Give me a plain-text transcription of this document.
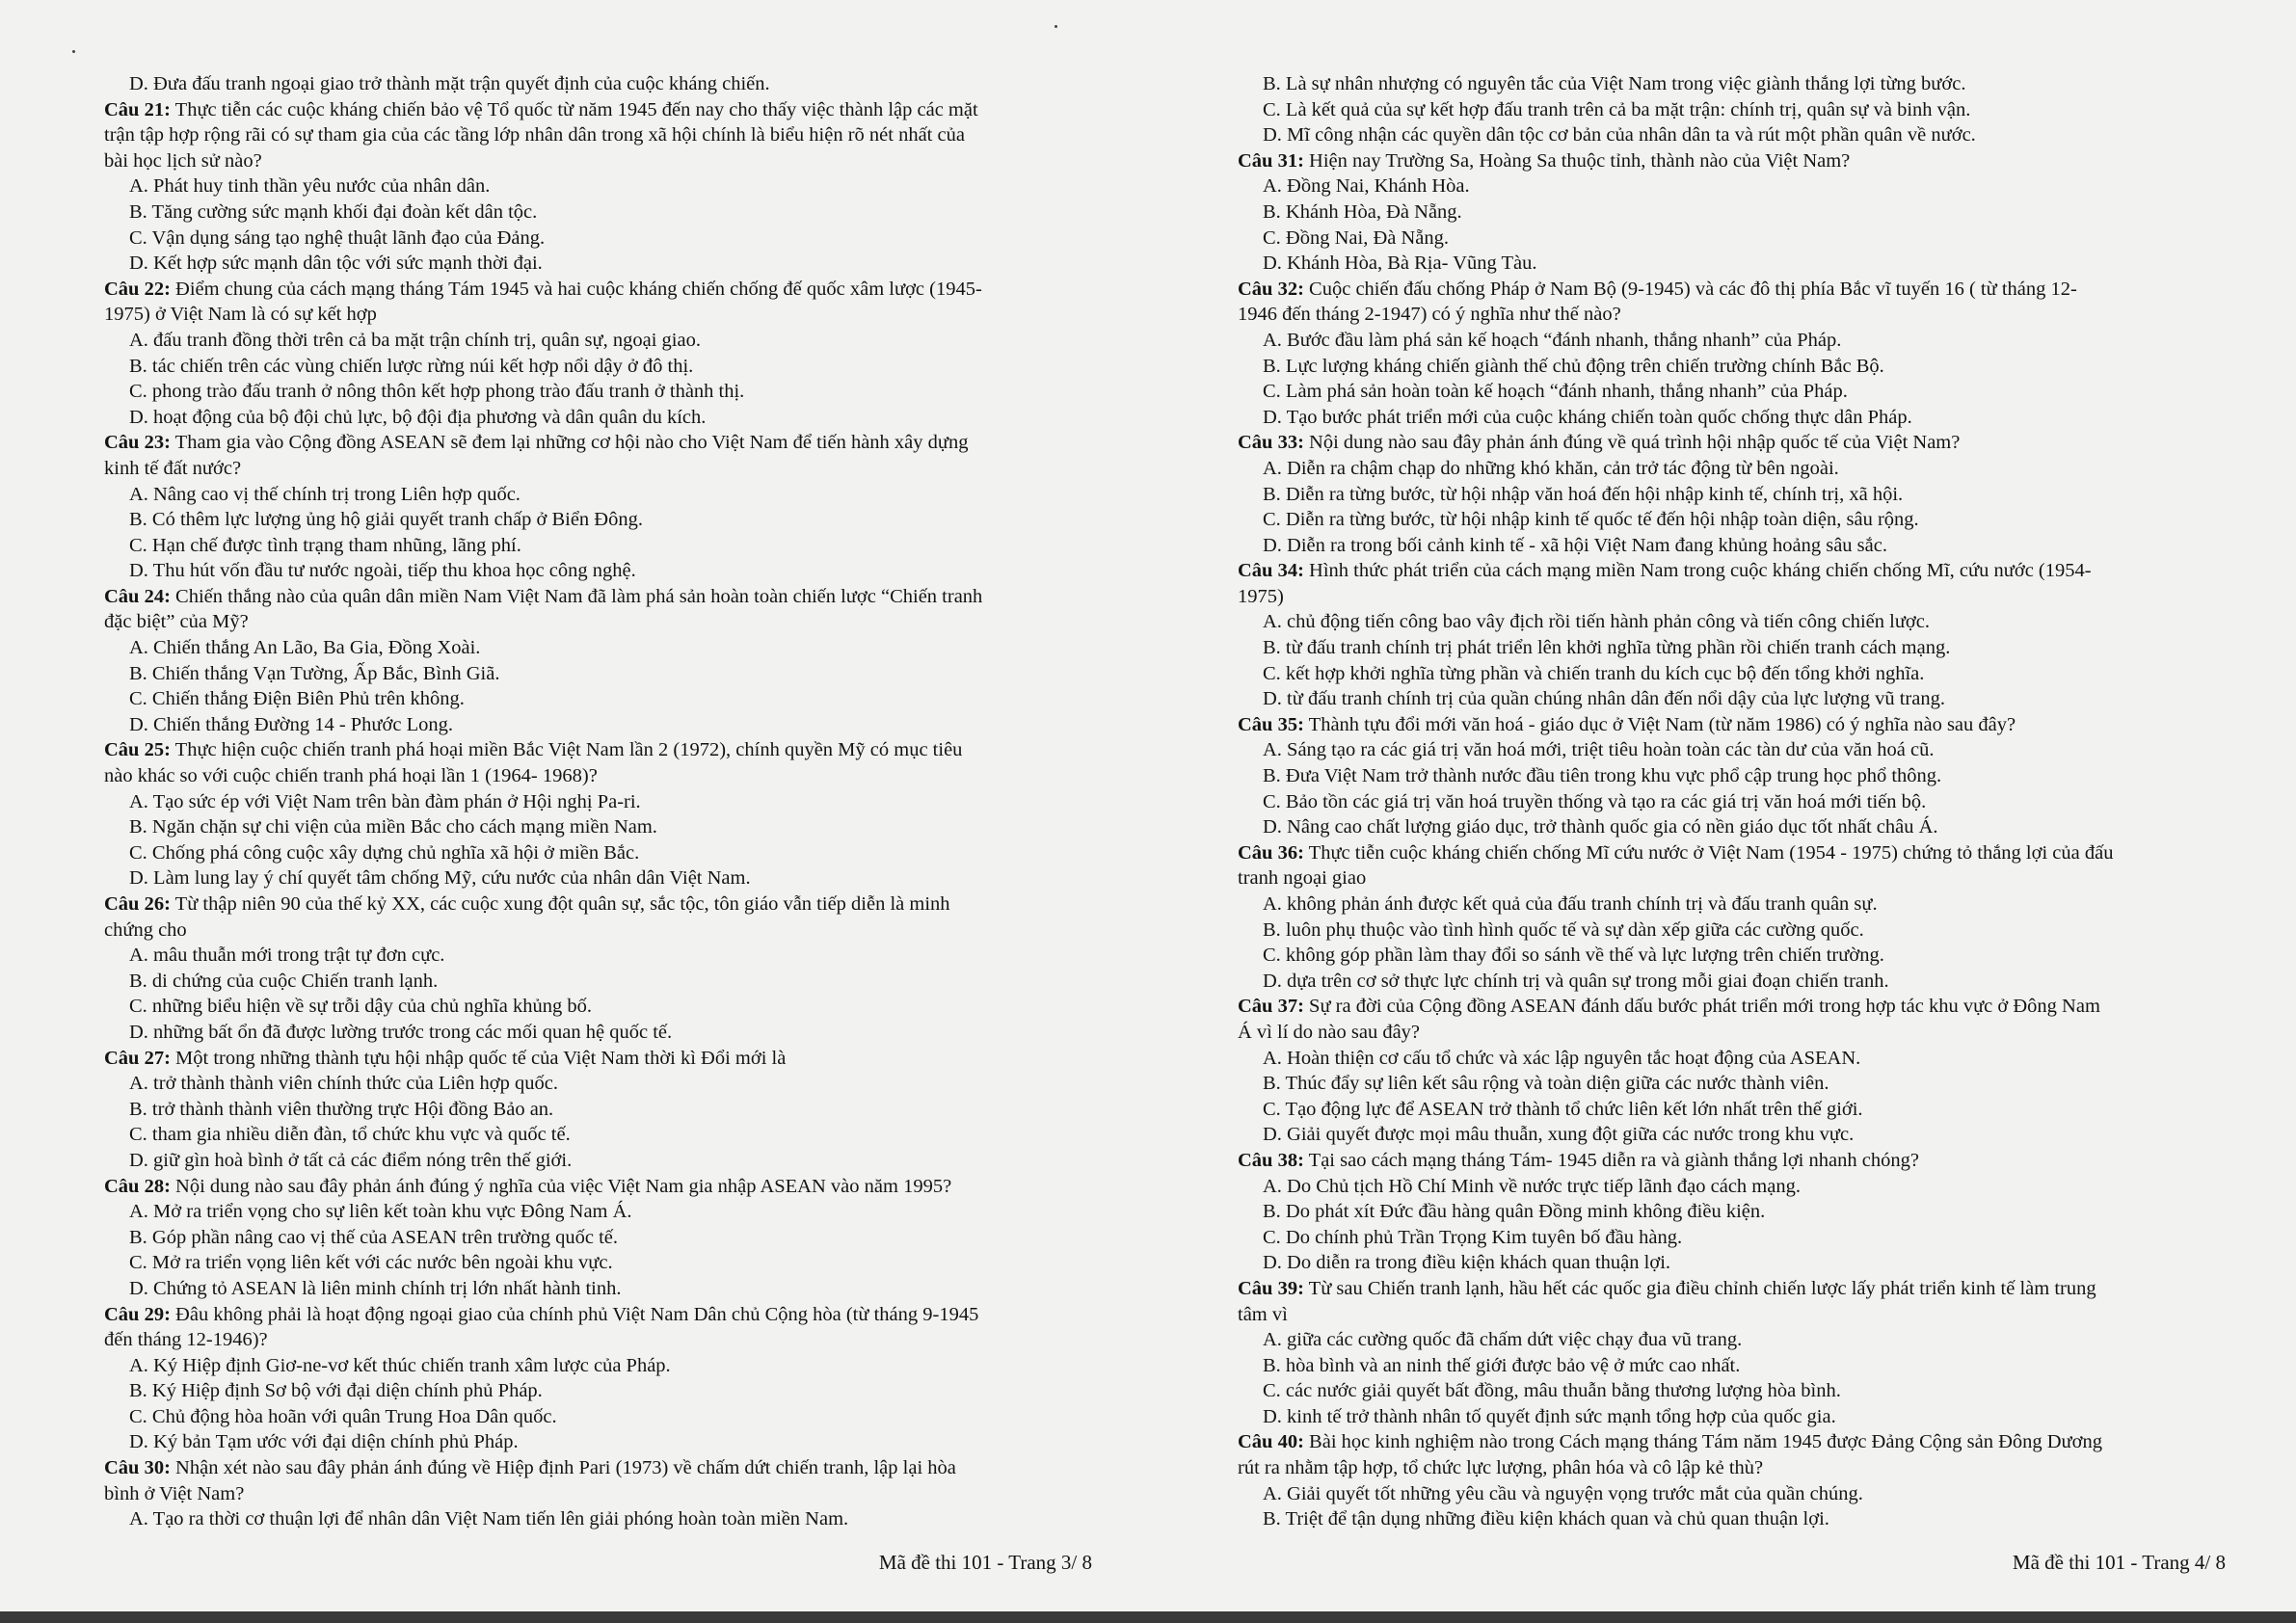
D. Đưa đấu tranh ngoại giao trở thành mặt trận quyết định của cuộc kháng chiến.
Câu 21: Thực tiễn các cuộc kháng chiến bảo vệ Tổ quốc từ năm 1945 đến nay cho thấy việc thành lập các mặt
trận tập hợp rộng rãi có sự tham gia của các tầng lớp nhân dân trong xã hội chính là biểu hiện rõ nét nhất của
bài học lịch sử nào?
A. Phát huy tinh thần yêu nước của nhân dân.
B. Tăng cường sức mạnh khối đại đoàn kết dân tộc.
C. Vận dụng sáng tạo nghệ thuật lãnh đạo của Đảng.
D. Kết hợp sức mạnh dân tộc với sức mạnh thời đại.
Câu 22: Điểm chung của cách mạng tháng Tám 1945 và hai cuộc kháng chiến chống đế quốc xâm lược (1945-
1975) ở Việt Nam là có sự kết hợp
A. đấu tranh đồng thời trên cả ba mặt trận chính trị, quân sự, ngoại giao.
B. tác chiến trên các vùng chiến lược rừng núi kết hợp nổi dậy ở đô thị.
C. phong trào đấu tranh ở nông thôn kết hợp phong trào đấu tranh ở thành thị.
D. hoạt động của bộ đội chủ lực, bộ đội địa phương và dân quân du kích.
Câu 23: Tham gia vào Cộng đồng ASEAN sẽ đem lại những cơ hội nào cho Việt Nam để tiến hành xây dựng
kinh tế đất nước?
A. Nâng cao vị thế chính trị trong Liên hợp quốc.
B. Có thêm lực lượng ủng hộ giải quyết tranh chấp ở Biển Đông.
C. Hạn chế được tình trạng tham nhũng, lãng phí.
D. Thu hút vốn đầu tư nước ngoài, tiếp thu khoa học công nghệ.
Câu 24: Chiến thắng nào của quân dân miền Nam Việt Nam đã làm phá sản hoàn toàn chiến lược “Chiến tranh
đặc biệt” của Mỹ?
A. Chiến thắng An Lão, Ba Gia, Đồng Xoài.
B. Chiến thắng Vạn Tường, Ấp Bắc, Bình Giã.
C. Chiến thắng Điện Biên Phủ trên không.
D. Chiến thắng Đường 14 - Phước Long.
Câu 25: Thực hiện cuộc chiến tranh phá hoại miền Bắc Việt Nam lần 2 (1972), chính quyền Mỹ có mục tiêu
nào khác so với cuộc chiến tranh phá hoại lần 1 (1964- 1968)?
A. Tạo sức ép với Việt Nam trên bàn đàm phán ở Hội nghị Pa-ri.
B. Ngăn chặn sự chi viện của miền Bắc cho cách mạng miền Nam.
C. Chống phá công cuộc xây dựng chủ nghĩa xã hội ở miền Bắc.
D. Làm lung lay ý chí quyết tâm chống Mỹ, cứu nước của nhân dân Việt Nam.
Câu 26: Từ thập niên 90 của thế kỷ XX, các cuộc xung đột quân sự, sắc tộc, tôn giáo vẫn tiếp diễn là minh
chứng cho
A. mâu thuẫn mới trong trật tự đơn cực.
B. di chứng của cuộc Chiến tranh lạnh.
C. những biểu hiện về sự trỗi dậy của chủ nghĩa khủng bố.
D. những bất ổn đã được lường trước trong các mối quan hệ quốc tế.
Câu 27: Một trong những thành tựu hội nhập quốc tế của Việt Nam thời kì Đổi mới là
A. trở thành thành viên chính thức của Liên hợp quốc.
B. trở thành thành viên thường trực Hội đồng Bảo an.
C. tham gia nhiều diễn đàn, tổ chức khu vực và quốc tế.
D. giữ gìn hoà bình ở tất cả các điểm nóng trên thế giới.
Câu 28: Nội dung nào sau đây phản ánh đúng ý nghĩa của việc Việt Nam gia nhập ASEAN vào năm 1995?
A. Mở ra triển vọng cho sự liên kết toàn khu vực Đông Nam Á.
B. Góp phần nâng cao vị thế của ASEAN trên trường quốc tế.
C. Mở ra triển vọng liên kết với các nước bên ngoài khu vực.
D. Chứng tỏ ASEAN là liên minh chính trị lớn nhất hành tinh.
Câu 29: Đâu không phải là hoạt động ngoại giao của chính phủ Việt Nam Dân chủ Cộng hòa (từ tháng 9-1945
đến tháng 12-1946)?
A. Ký Hiệp định Giơ-ne-vơ kết thúc chiến tranh xâm lược của Pháp.
B. Ký Hiệp định Sơ bộ với đại diện chính phủ Pháp.
C. Chủ động hòa hoãn với quân Trung Hoa Dân quốc.
D. Ký bản Tạm ước với đại diện chính phủ Pháp.
Câu 30: Nhận xét nào sau đây phản ánh đúng về Hiệp định Pari (1973) về chấm dứt chiến tranh, lập lại hòa
bình ở Việt Nam?
A. Tạo ra thời cơ thuận lợi để nhân dân Việt Nam tiến lên giải phóng hoàn toàn miền Nam.
Mã đề thi 101 - Trang 3/ 8
B. Là sự nhân nhượng có nguyên tắc của Việt Nam trong việc giành thắng lợi từng bước.
C. Là kết quả của sự kết hợp đấu tranh trên cả ba mặt trận: chính trị, quân sự và binh vận.
D. Mĩ công nhận các quyền dân tộc cơ bản của nhân dân ta và rút một phần quân về nước.
Câu 31: Hiện nay Trường Sa, Hoàng Sa thuộc tỉnh, thành nào của Việt Nam?
A. Đồng Nai, Khánh Hòa.
B. Khánh Hòa, Đà Nẵng.
C. Đồng Nai, Đà Nẵng.
D. Khánh Hòa, Bà Rịa- Vũng Tàu.
Câu 32: Cuộc chiến đấu chống Pháp ở Nam Bộ (9-1945) và các đô thị phía Bắc vĩ tuyến 16 ( từ tháng 12-
1946 đến tháng 2-1947) có ý nghĩa như thế nào?
A. Bước đầu làm phá sản kế hoạch “đánh nhanh, thắng nhanh” của Pháp.
B. Lực lượng kháng chiến giành thế chủ động trên chiến trường chính Bắc Bộ.
C. Làm phá sản hoàn toàn kế hoạch “đánh nhanh, thắng nhanh” của Pháp.
D. Tạo bước phát triển mới của cuộc kháng chiến toàn quốc chống thực dân Pháp.
Câu 33: Nội dung nào sau đây phản ánh đúng về quá trình hội nhập quốc tế của Việt Nam?
A. Diễn ra chậm chạp do những khó khăn, cản trở tác động từ bên ngoài.
B. Diễn ra từng bước, từ hội nhập văn hoá đến hội nhập kinh tế, chính trị, xã hội.
C. Diễn ra từng bước, từ hội nhập kinh tế quốc tế đến hội nhập toàn diện, sâu rộng.
D. Diễn ra trong bối cảnh kinh tế - xã hội Việt Nam đang khủng hoảng sâu sắc.
Câu 34: Hình thức phát triển của cách mạng miền Nam trong cuộc kháng chiến chống Mĩ, cứu nước (1954-
1975)
A. chủ động tiến công bao vây địch rồi tiến hành phản công và tiến công chiến lược.
B. từ đấu tranh chính trị phát triển lên khởi nghĩa từng phần rồi chiến tranh cách mạng.
C. kết hợp khởi nghĩa từng phần và chiến tranh du kích cục bộ đến tổng khởi nghĩa.
D. từ đấu tranh chính trị của quần chúng nhân dân đến nổi dậy của lực lượng vũ trang.
Câu 35: Thành tựu đổi mới văn hoá - giáo dục ở Việt Nam (từ năm 1986) có ý nghĩa nào sau đây?
A. Sáng tạo ra các giá trị văn hoá mới, triệt tiêu hoàn toàn các tàn dư của văn hoá cũ.
B. Đưa Việt Nam trở thành nước đầu tiên trong khu vực phổ cập trung học phổ thông.
C. Bảo tồn các giá trị văn hoá truyền thống và tạo ra các giá trị văn hoá mới tiến bộ.
D. Nâng cao chất lượng giáo dục, trở thành quốc gia có nền giáo dục tốt nhất châu Á.
Câu 36: Thực tiễn cuộc kháng chiến chống Mĩ cứu nước ở Việt Nam (1954 - 1975) chứng tỏ thắng lợi của đấu
tranh ngoại giao
A. không phản ánh được kết quả của đấu tranh chính trị và đấu tranh quân sự.
B. luôn phụ thuộc vào tình hình quốc tế và sự dàn xếp giữa các cường quốc.
C. không góp phần làm thay đổi so sánh về thế và lực lượng trên chiến trường.
D. dựa trên cơ sở thực lực chính trị và quân sự trong mỗi giai đoạn chiến tranh.
Câu 37: Sự ra đời của Cộng đồng ASEAN đánh dấu bước phát triển mới trong hợp tác khu vực ở Đông Nam
Á vì lí do nào sau đây?
A. Hoàn thiện cơ cấu tổ chức và xác lập nguyên tắc hoạt động của ASEAN.
B. Thúc đẩy sự liên kết sâu rộng và toàn diện giữa các nước thành viên.
C. Tạo động lực để ASEAN trở thành tổ chức liên kết lớn nhất trên thế giới.
D. Giải quyết được mọi mâu thuẫn, xung đột giữa các nước trong khu vực.
Câu 38: Tại sao cách mạng tháng Tám- 1945 diễn ra và giành thắng lợi nhanh chóng?
A. Do Chủ tịch Hồ Chí Minh về nước trực tiếp lãnh đạo cách mạng.
B. Do phát xít Đức đầu hàng quân Đồng minh không điều kiện.
C. Do chính phủ Trần Trọng Kim tuyên bố đầu hàng.
D. Do diễn ra trong điều kiện khách quan thuận lợi.
Câu 39: Từ sau Chiến tranh lạnh, hầu hết các quốc gia điều chỉnh chiến lược lấy phát triển kinh tế làm trung
tâm vì
A. giữa các cường quốc đã chấm dứt việc chạy đua vũ trang.
B. hòa bình và an ninh thế giới được bảo vệ ở mức cao nhất.
C. các nước giải quyết bất đồng, mâu thuẫn bằng thương lượng hòa bình.
D. kinh tế trở thành nhân tố quyết định sức mạnh tổng hợp của quốc gia.
Câu 40: Bài học kinh nghiệm nào trong Cách mạng tháng Tám năm 1945 được Đảng Cộng sản Đông Dương
rút ra nhằm tập hợp, tổ chức lực lượng, phân hóa và cô lập kẻ thù?
A. Giải quyết tốt những yêu cầu và nguyện vọng trước mắt của quần chúng.
B. Triệt để tận dụng những điều kiện khách quan và chủ quan thuận lợi.
Mã đề thi 101 - Trang 4/ 8
